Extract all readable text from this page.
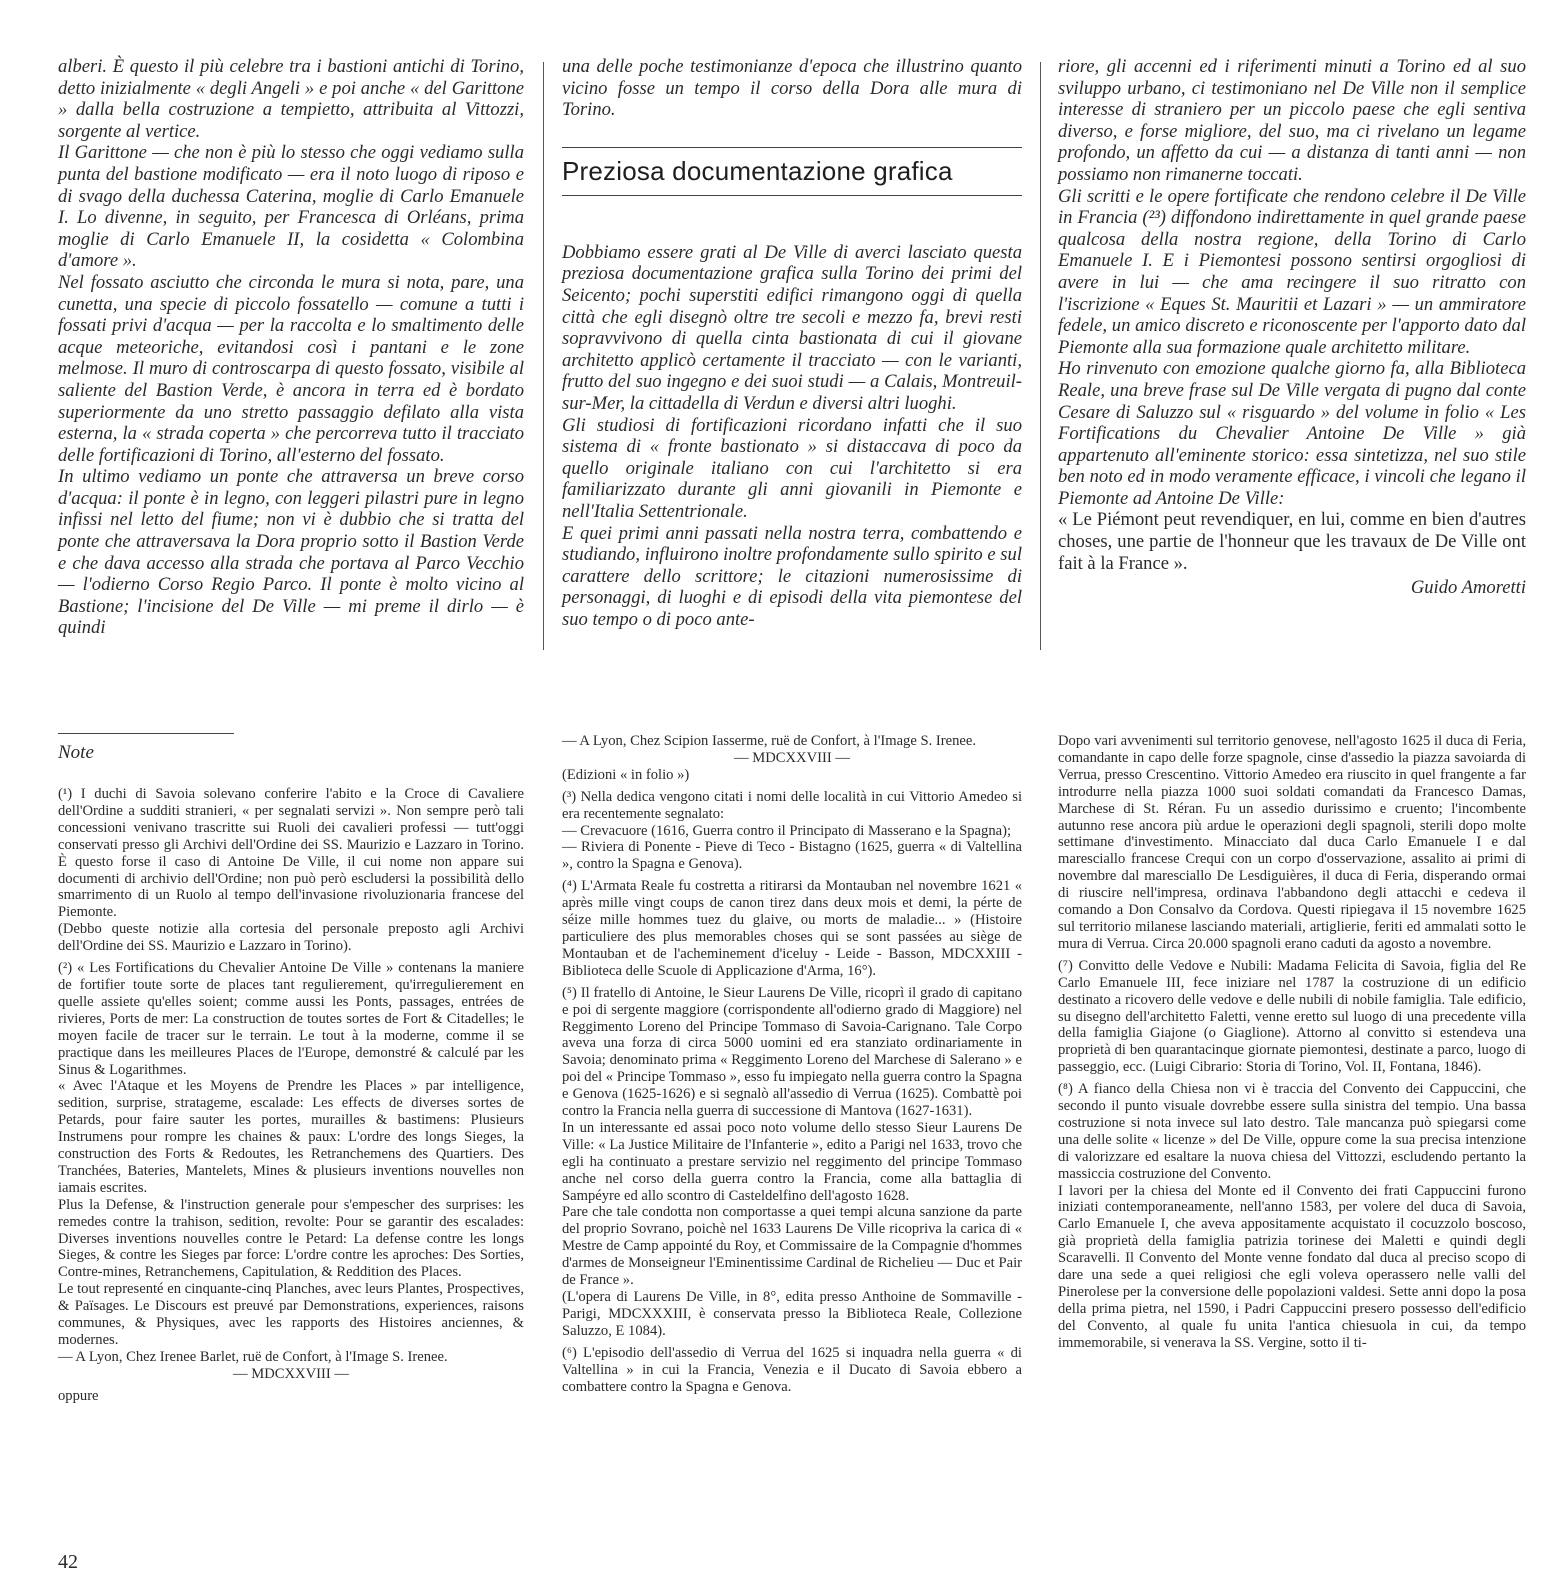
alberi. È questo il più celebre tra i bastioni antichi di Torino, detto inizialmente « degli Angeli » e poi anche « del Garittone » dalla bella costruzione a tempietto, attribuita al Vittozzi, sorgente al vertice.

Il Garittone — che non è più lo stesso che oggi vediamo sulla punta del bastione modificato — era il noto luogo di riposo e di svago della duchessa Caterina, moglie di Carlo Emanuele I. Lo divenne, in seguito, per Francesca di Orléans, prima moglie di Carlo Emanuele II, la cosidetta « Colombina d'amore ».

Nel fossato asciutto che circonda le mura si nota, pare, una cunetta, una specie di piccolo fossatello — comune a tutti i fossati privi d'acqua — per la raccolta e lo smaltimento delle acque meteoriche, evitandosi così i pantani e le zone melmose. Il muro di controscarpa di questo fossato, visibile al saliente del Bastion Verde, è ancora in terra ed è bordato superiormente da uno stretto passaggio defilato alla vista esterna, la « strada coperta » che percorreva tutto il tracciato delle fortificazioni di Torino, all'esterno del fossato.

In ultimo vediamo un ponte che attraversa un breve corso d'acqua: il ponte è in legno, con leggeri pilastri pure in legno infissi nel letto del fiume; non vi è dubbio che si tratta del ponte che attraversava la Dora proprio sotto il Bastion Verde e che dava accesso alla strada che portava al Parco Vecchio — l'odierno Corso Regio Parco. Il ponte è molto vicino al Bastione; l'incisione del De Ville — mi preme il dirlo — è quindi

una delle poche testimonianze d'epoca che illustrino quanto vicino fosse un tempo il corso della Dora alle mura di Torino.

Preziosa documentazione grafica

Dobbiamo essere grati al De Ville di averci lasciato questa preziosa documentazione grafica sulla Torino dei primi del Seicento; pochi superstiti edifici rimangono oggi di quella città che egli disegnò oltre tre secoli e mezzo fa, brevi resti sopravvivono di quella cinta bastionata di cui il giovane architetto applicò certamente il tracciato — con le varianti, frutto del suo ingegno e dei suoi studi — a Calais, Montreuil-sur-Mer, la cittadella di Verdun e diversi altri luoghi.

Gli studiosi di fortificazioni ricordano infatti che il suo sistema di « fronte bastionato » si distaccava di poco da quello originale italiano con cui l'architetto si era familiarizzato durante gli anni giovanili in Piemonte e nell'Italia Settentrionale.

E quei primi anni passati nella nostra terra, combattendo e studiando, influirono inoltre profondamente sullo spirito e sul carattere dello scrittore; le citazioni numerosissime di personaggi, di luoghi e di episodi della vita piemontese del suo tempo o di poco ante-

riore, gli accenni ed i riferimenti minuti a Torino ed al suo sviluppo urbano, ci testimoniano nel De Ville non il semplice interesse di straniero per un piccolo paese che egli sentiva diverso, e forse migliore, del suo, ma ci rivelano un legame profondo, un affetto da cui — a distanza di tanti anni — non possiamo non rimanerne toccati.

Gli scritti e le opere fortificate che rendono celebre il De Ville in Francia (²³) diffondono indirettamente in quel grande paese qualcosa della nostra regione, della Torino di Carlo Emanuele I. E i Piemontesi possono sentirsi orgogliosi di avere in lui — che ama recingere il suo ritratto con l'iscrizione « Eques St. Mauritii et Lazari » — un ammiratore fedele, un amico discreto e riconoscente per l'apporto dato dal Piemonte alla sua formazione quale architetto militare.

Ho rinvenuto con emozione qualche giorno fa, alla Biblioteca Reale, una breve frase sul De Ville vergata di pugno dal conte Cesare di Saluzzo sul « risguardo » del volume in folio « Les Fortifications du Chevalier Antoine De Ville » già appartenuto all'eminente storico: essa sintetizza, nel suo stile ben noto ed in modo veramente efficace, i vincoli che legano il Piemonte ad Antoine De Ville:

« Le Piémont peut revendiquer, en lui, comme en bien d'autres choses, une partie de l'honneur que les travaux de De Ville ont fait à la France ».

Guido Amoretti

Note

(¹) I duchi di Savoia solevano conferire l'abito e la Croce di Cavaliere dell'Ordine a sudditi stranieri, « per segnalati servizi ». Non sempre però tali concessioni venivano trascritte sui Ruoli dei cavalieri professi — tutt'oggi conservati presso gli Archivi dell'Ordine dei SS. Maurizio e Lazzaro in Torino. È questo forse il caso di Antoine De Ville, il cui nome non appare sui documenti di archivio dell'Ordine; non può però escludersi la possibilità dello smarrimento di un Ruolo al tempo dell'invasione rivoluzionaria francese del Piemonte.

(Debbo queste notizie alla cortesia del personale preposto agli Archivi dell'Ordine dei SS. Maurizio e Lazzaro in Torino).

(²) « Les Fortifications du Chevalier Antoine De Ville » contenans la maniere de fortifier toute sorte de places tant regulierement, qu'irregulierement en quelle assiete qu'elles soient; comme aussi les Ponts, passages, entrées de rivieres, Ports de mer: La construction de toutes sortes de Fort & Citadelles; le moyen facile de tracer sur le terrain. Le tout à la moderne, comme il se practique dans les meilleures Places de l'Europe, demonstré & calculé par les Sinus & Logarithmes.

« Avec l'Ataque et les Moyens de Prendre les Places » par intelligence, sedition, surprise, stratageme, escalade: Les effects de diverses sortes de Petards, pour faire sauter les portes, murailles & bastimens: Plusieurs Instrumens pour rompre les chaines & paux: L'ordre des longs Sieges, la construction des Forts & Redoutes, les Retranchemens des Quartiers. Des Tranchées, Bateries, Mantelets, Mines & plusieurs inventions nouvelles non iamais escrites.

Plus la Defense, & l'instruction generale pour s'empescher des surprises: les remedes contre la trahison, sedition, revolte: Pour se garantir des escalades: Diverses inventions nouvelles contre le Petard: La defense contre les longs Sieges, & contre les Sieges par force: L'ordre contre les aproches: Des Sorties, Contre-mines, Retranchemens, Capitulation, & Reddition des Places.

Le tout representé en cinquante-cinq Planches, avec leurs Plantes, Prospectives, & Païsages. Le Discours est preuvé par Demonstrations, experiences, raisons communes, & Physiques, avec les rapports des Histoires anciennes, & modernes.

— A Lyon, Chez Irenee Barlet, ruë de Confort, à l'Image S. Irenee.

— MDCXXVIII —

oppure

— A Lyon, Chez Scipion Iasserme, ruë de Confort, à l'Image S. Irenee.

— MDCXXVIII —

(Edizioni « in folio »)

(³) Nella dedica vengono citati i nomi delle località in cui Vittorio Amedeo si era recentemente segnalato:

— Crevacuore (1616, Guerra contro il Principato di Masserano e la Spagna);

— Riviera di Ponente - Pieve di Teco - Bistagno (1625, guerra « di Valtellina », contro la Spagna e Genova).

(⁴) L'Armata Reale fu costretta a ritirarsi da Montauban nel novembre 1621 « après mille vingt coups de canon tirez dans deux mois et demi, la pérte de séize mille hommes tuez du glaive, ou morts de maladie... » (Histoire particuliere des plus memorables choses qui se sont passées au siège de Montauban et de l'acheminement d'iceluy - Leide - Basson, MDCXXIII - Biblioteca delle Scuole di Applicazione d'Arma, 16°).

(⁵) Il fratello di Antoine, le Sieur Laurens De Ville, ricoprì il grado di capitano e poi di sergente maggiore (corrispondente all'odierno grado di Maggiore) nel Reggimento Loreno del Principe Tommaso di Savoia-Carignano. Tale Corpo aveva una forza di circa 5000 uomini ed era stanziato ordinariamente in Savoia; denominato prima « Reggimento Loreno del Marchese di Salerano » e poi del « Principe Tommaso », esso fu impiegato nella guerra contro la Spagna e Genova (1625-1626) e si segnalò all'assedio di Verrua (1625). Combattè poi contro la Francia nella guerra di successione di Mantova (1627-1631).

In un interessante ed assai poco noto volume dello stesso Sieur Laurens De Ville: « La Justice Militaire de l'Infanterie », edito a Parigi nel 1633, trovo che egli ha continuato a prestare servizio nel reggimento del principe Tommaso anche nel corso della guerra contro la Francia, come alla battaglia di Sampéyre ed allo scontro di Casteldelfino dell'agosto 1628.

Pare che tale condotta non comportasse a quei tempi alcuna sanzione da parte del proprio Sovrano, poichè nel 1633 Laurens De Ville ricopriva la carica di « Mestre de Camp appointé du Roy, et Commissaire de la Compagnie d'hommes d'armes de Monseigneur l'Eminentissime Cardinal de Richelieu — Duc et Pair de France ».

(L'opera di Laurens De Ville, in 8°, edita presso Anthoine de Sommaville - Parigi, MDCXXXIII, è conservata presso la Biblioteca Reale, Collezione Saluzzo, E 1084).

(⁶) L'episodio dell'assedio di Verrua del 1625 si inquadra nella guerra « di Valtellina » in cui la Francia, Venezia e il Ducato di Savoia ebbero a combattere contro la Spagna e Genova.

Dopo vari avvenimenti sul territorio genovese, nell'agosto 1625 il duca di Feria, comandante in capo delle forze spagnole, cinse d'assedio la piazza savoiarda di Verrua, presso Crescentino. Vittorio Amedeo era riuscito in quel frangente a far introdurre nella piazza 1000 suoi soldati comandati da Francesco Damas, Marchese di St. Réran. Fu un assedio durissimo e cruento; l'incombente autunno rese ancora più ardue le operazioni degli spagnoli, sterili dopo molte settimane d'investimento. Minacciato dal duca Carlo Emanuele I e dal maresciallo francese Crequi con un corpo d'osservazione, assalito ai primi di novembre dal maresciallo De Lesdiguières, il duca di Feria, disperando ormai di riuscire nell'impresa, ordinava l'abbandono degli attacchi e cedeva il comando a Don Consalvo da Cordova. Questi ripiegava il 15 novembre 1625 sul territorio milanese lasciando materiali, artiglierie, feriti ed ammalati sotto le mura di Verrua. Circa 20.000 spagnoli erano caduti da agosto a novembre.

(⁷) Convitto delle Vedove e Nubili: Madama Felicita di Savoia, figlia del Re Carlo Emanuele III, fece iniziare nel 1787 la costruzione di un edificio destinato a ricovero delle vedove e delle nubili di nobile famiglia. Tale edificio, su disegno dell'architetto Faletti, venne eretto sul luogo di una precedente villa della famiglia Giajone (o Giaglione). Attorno al convitto si estendeva una proprietà di ben quarantacinque giornate piemontesi, destinate a parco, luogo di passeggio, ecc. (Luigi Cibrario: Storia di Torino, Vol. II, Fontana, 1846).

(⁸) A fianco della Chiesa non vi è traccia del Convento dei Cappuccini, che secondo il punto visuale dovrebbe essere sulla sinistra del tempio. Una bassa costruzione si nota invece sul lato destro. Tale mancanza può spiegarsi come una delle solite « licenze » del De Ville, oppure come la sua precisa intenzione di valorizzare ed esaltare la nuova chiesa del Vittozzi, escludendo pertanto la massiccia costruzione del Convento.

I lavori per la chiesa del Monte ed il Convento dei frati Cappuccini furono iniziati contemporaneamente, nell'anno 1583, per volere del duca di Savoia, Carlo Emanuele I, che aveva appositamente acquistato il cocuzzolo boscoso, già proprietà della famiglia patrizia torinese dei Maletti e quindi degli Scaravelli. Il Convento del Monte venne fondato dal duca al preciso scopo di dare una sede a quei religiosi che egli voleva operassero nelle valli del Pinerolese per la conversione delle popolazioni valdesi. Sette anni dopo la posa della prima pietra, nel 1590, i Padri Cappuccini presero possesso dell'edificio del Convento, al quale fu unita l'antica chiesuola in cui, da tempo immemorabile, si venerava la SS. Vergine, sotto il ti-

42
